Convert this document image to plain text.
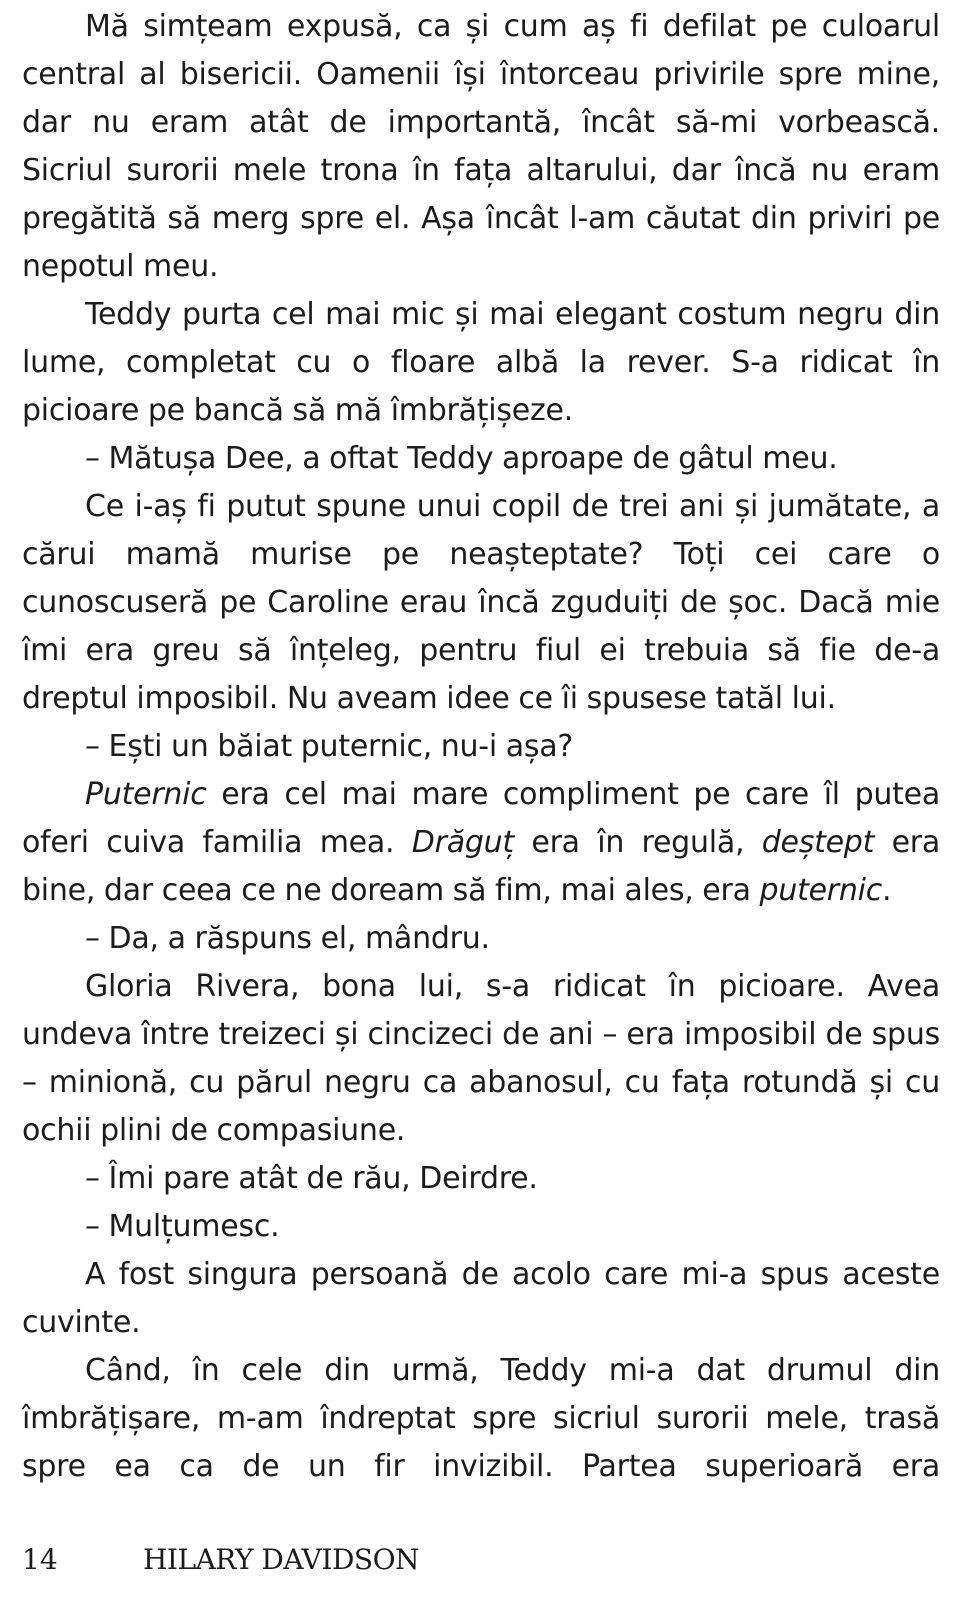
Mă simțeam expusă, ca și cum aș fi defilat pe culoarul central al bisericii. Oamenii își întorceau privirile spre mine, dar nu eram atât de importantă, încât să-mi vorbească. Sicriul surorii mele trona în fața altarului, dar încă nu eram pregătită să merg spre el. Așa încât l-am căutat din priviri pe nepotul meu.

Teddy purta cel mai mic și mai elegant costum negru din lume, completat cu o floare albă la rever. S-a ridicat în picioare pe bancă să mă îmbrățișeze.

– Mătușa Dee, a oftat Teddy aproape de gâtul meu.

Ce i-aș fi putut spune unui copil de trei ani și jumătate, a cărui mamă murise pe neașteptate? Toți cei care o cunoscuseră pe Caroline erau încă zguduiți de șoc. Dacă mie îmi era greu să înțeleg, pentru fiul ei trebuia să fie de-a dreptul imposibil. Nu aveam idee ce îi spusese tatăl lui.

– Ești un băiat puternic, nu-i așa?

Puternic era cel mai mare compliment pe care îl putea oferi cuiva familia mea. Drăguț era în regulă, deștept era bine, dar ceea ce ne doream să fim, mai ales, era puternic.

– Da, a răspuns el, mândru.

Gloria Rivera, bona lui, s-a ridicat în picioare. Avea undeva între treizeci și cincizeci de ani – era imposibil de spus – minionă, cu părul negru ca abanosul, cu fața rotundă și cu ochii plini de compasiune.

– Îmi pare atât de rău, Deirdre.

– Mulțumesc.

A fost singura persoană de acolo care mi-a spus aceste cuvinte.

Când, în cele din urmă, Teddy mi-a dat drumul din îmbrățișare, m-am îndreptat spre sicriul surorii mele, trasă spre ea ca de un fir invizibil. Partea superioară era

14	HILARY DAVIDSON
